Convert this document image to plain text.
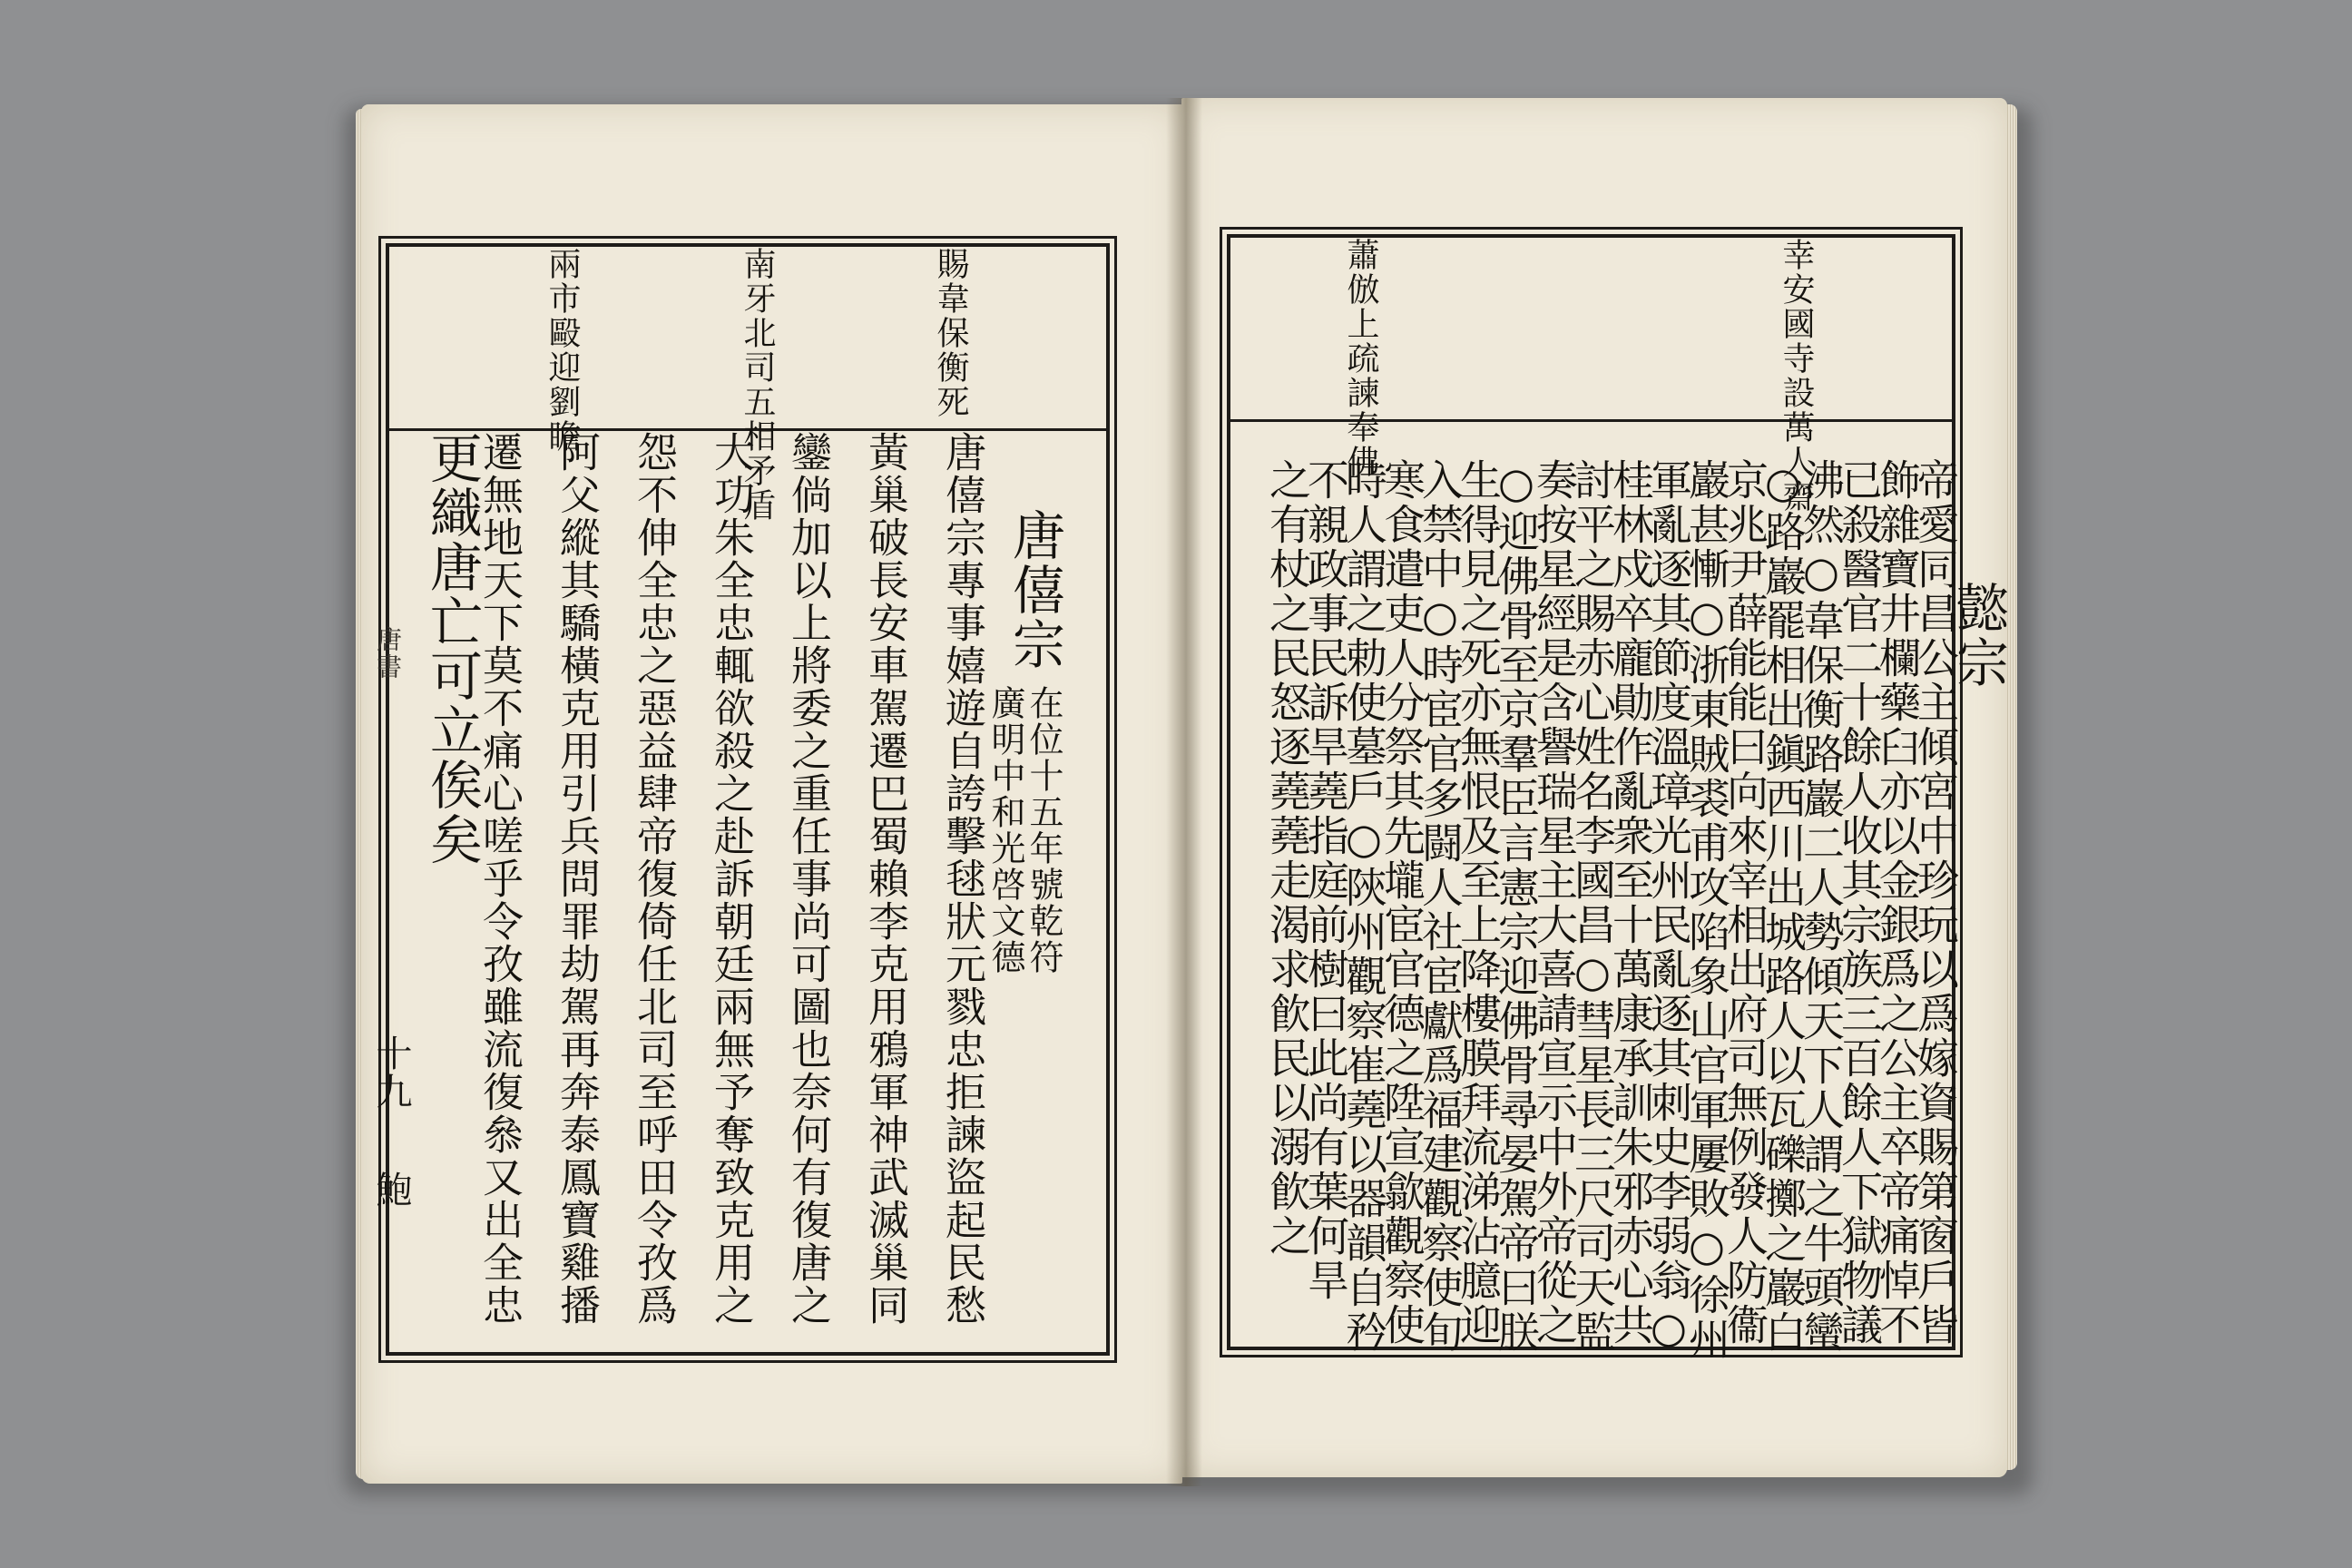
賜韋保衡死
南牙北司五相矛盾
兩市毆迎劉瞻
唐僖宗
在位十五年號乾符
廣明中和光啓文德
唐僖宗專事嬉遊自誇擊毬狀元戮忠拒諫盜起民愁
黃巢破長安車駕遷巴蜀賴李克用鴉軍神武滅巢同
鑾倘加以上將委之重任事尚可圖也奈何有復唐之
大功朱全忠輒欲殺之赴訴朝廷兩無予奪致克用之
怨不伸全忠之惡益肆帝復倚任北司至呼田令孜爲
阿父縱其驕橫克用引兵問罪劫駕再奔泰鳳寶雞播
遷無地天下莫不痛心嗟乎令孜雖流復叅又出全忠
更織唐亡可立俟矣
唐書
十九
鮑
幸安國寺設萬人齋
蕭倣上疏諫奉佛
懿宗
帝愛同昌公主傾宮中珍玩以爲嫁資賜第窗戶皆
飾雜寶井欄藥臼亦以金銀爲之公主卒帝痛悼不
已殺醫官二十餘人收其宗族三百餘人下獄物議
沸然○韋保衡路巖二人勢傾天下人謂之牛頭蠻
○路巖罷相出鎭西川出城路人以瓦礫擲之巖白
京兆尹薛能能曰向來宰相出府司無例發人防衞
巖甚慚○浙東賊裘甫攻陷象山官軍屢敗○徐州
軍亂逐其節度溫璋光州民亂逐其刺史李弱翁○
桂林戍卒龐勛作亂衆至十萬康承訓朱邪赤心共
討平之賜赤心姓名李國昌○彗星長三尺司天監
奏按星經是含譽瑞星主大喜請宣示中外帝從之
○迎佛骨至京羣臣言憲宗迎佛骨尋晏駕帝曰朕
生得見之死亦無恨及至上降樓膜拜流涕沾臆迎
入禁中○時宦官多闘人社宦獻爲福建觀察使旬
寒食遣吏人分祭其先壠宦官德之陞宣歙觀察使
時人謂之勅使墓戶○陝州觀察崔蕘以器韻自矜
不親政事民訴旱蕘指庭前樹曰此尚有葉何旱
之有杖之民怒逐蕘蕘走渴求飮民以溺飮之
